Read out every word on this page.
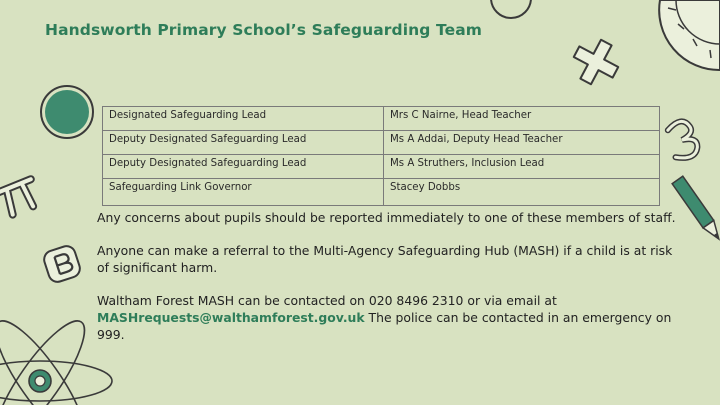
Handsworth Primary School’s Safeguarding Team
Designated Safeguarding Lead	Mrs C Nairne, Head Teacher
Deputy Designated Safeguarding Lead	Ms A Addai, Deputy Head Teacher
Deputy Designated Safeguarding Lead	Ms A Struthers, Inclusion Lead
Safeguarding Link Governor	Stacey Dobbs

Any concerns about pupils should be reported immediately to one of these members of staff.

Anyone can make a referral to the Multi-Agency Safeguarding Hub (MASH) if a child is at risk of significant harm.

Waltham Forest MASH can be contacted on 020 8496 2310 or via email at
MASHrequests@walthamforest.gov.uk The police can be contacted in an emergency on 999.
